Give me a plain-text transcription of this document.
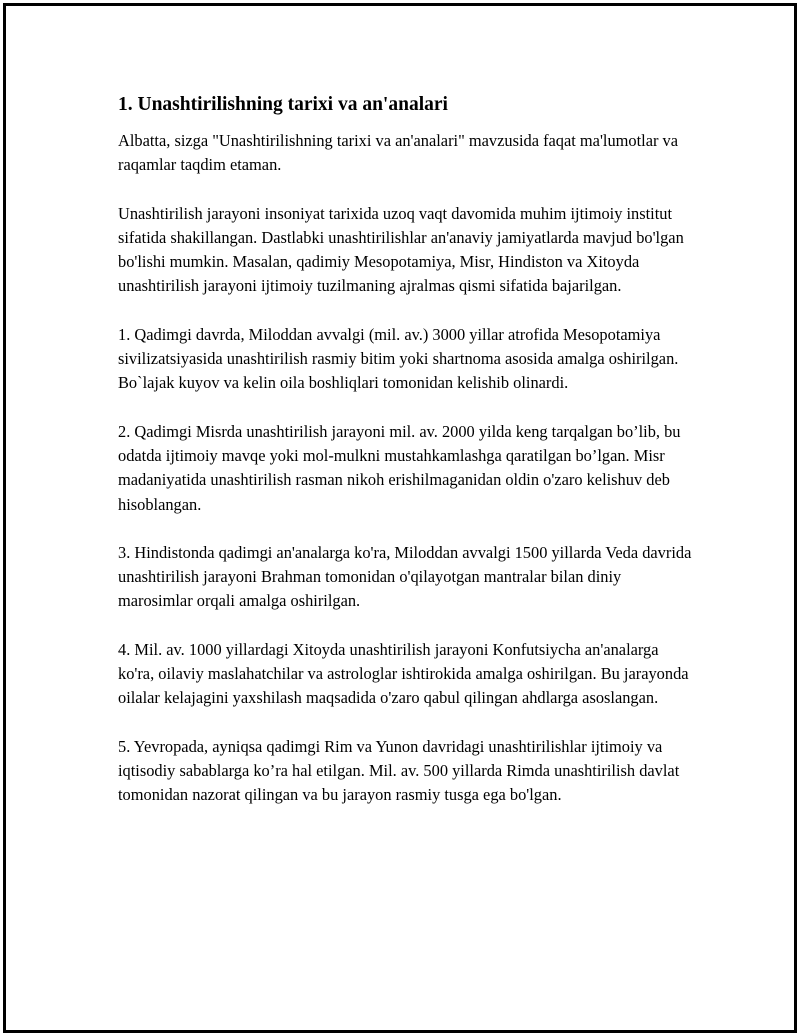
1. Unashtirilishning tarixi va an'analari

Albatta, sizga "Unashtirilishning tarixi va an'analari" mavzusida faqat ma'lumotlar va raqamlar taqdim etaman.

Unashtirilish jarayoni insoniyat tarixida uzoq vaqt davomida muhim ijtimoiy institut sifatida shakillangan. Dastlabki unashtirilishlar an'anaviy jamiyatlarda mavjud bo'lgan bo'lishi mumkin. Masalan, qadimiy Mesopotamiya, Misr, Hindiston va Xitoyda unashtirilish jarayoni ijtimoiy tuzilmaning ajralmas qismi sifatida bajarilgan.

1. Qadimgi davrda, Miloddan avvalgi (mil. av.) 3000 yillar atrofida Mesopotamiya sivilizatsiyasida unashtirilish rasmiy bitim yoki shartnoma asosida amalga oshirilgan. Bo`lajak kuyov va kelin oila boshliqlari tomonidan kelishib olinardi.

2. Qadimgi Misrda unashtirilish jarayoni mil. av. 2000 yilda keng tarqalgan bo’lib, bu odatda ijtimoiy mavqe yoki mol-mulkni mustahkamlashga qaratilgan bo’lgan. Misr madaniyatida unashtirilish rasman nikoh erishilmaganidan oldin o'zaro kelishuv deb hisoblangan.

3. Hindistonda qadimgi an'analarga ko'ra, Miloddan avvalgi 1500 yillarda Veda davrida unashtirilish jarayoni Brahman tomonidan o'qilayotgan mantralar bilan diniy marosimlar orqali amalga oshirilgan.

4. Mil. av. 1000 yillardagi Xitoyda unashtirilish jarayoni Konfutsiycha an'analarga ko'ra, oilaviy maslahatchilar va astrologlar ishtirokida amalga oshirilgan. Bu jarayonda oilalar kelajagini yaxshilash maqsadida o'zaro qabul qilingan ahdlarga asoslangan.

5. Yevropada, ayniqsa qadimgi Rim va Yunon davridagi unashtirilishlar ijtimoiy va iqtisodiy sabablarga ko’ra hal etilgan. Mil. av. 500 yillarda Rimda unashtirilish davlat tomonidan nazorat qilingan va bu jarayon rasmiy tusga ega bo'lgan.
